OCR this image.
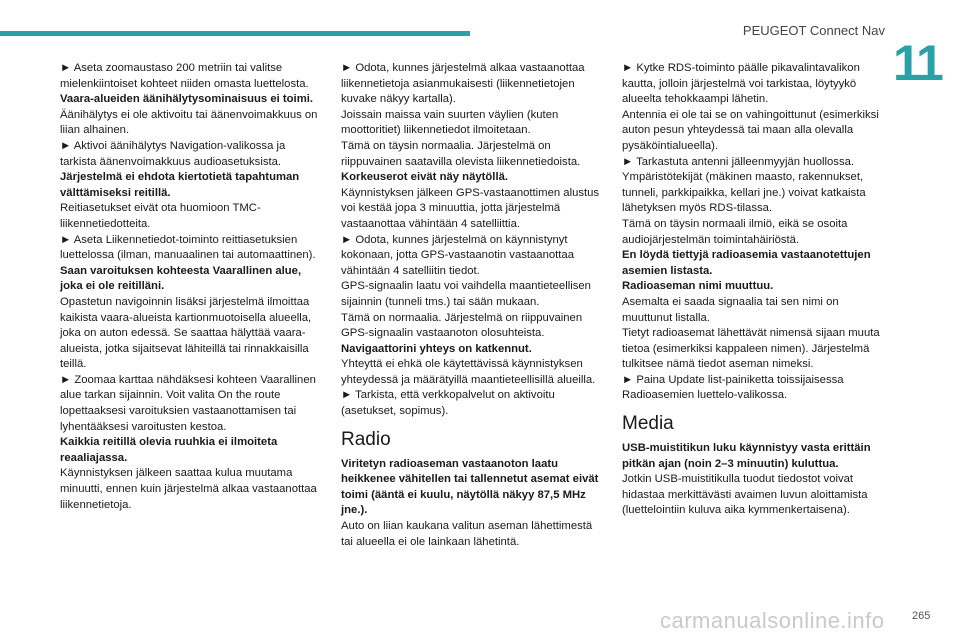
PEUGEOT Connect Nav
11

► Aseta zoomaustaso 200 metriin tai valitse mielenkiintoiset kohteet niiden omasta luettelosta.

Vaara-alueiden äänihälytysominaisuus ei toimi.

Äänihälytys ei ole aktivoitu tai äänenvoimakkuus on liian alhainen.

► Aktivoi äänihälytys Navigation-valikossa ja tarkista äänenvoimakkuus audioasetuksista.

Järjestelmä ei ehdota kiertotietä tapahtuman välttämiseksi reitillä.

Reitiasetukset eivät ota huomioon TMC-liikennetiedotteita.

► Aseta Liikennetiedot-toiminto reittiasetuksien luettelossa (ilman, manuaalinen tai automaattinen).

Saan varoituksen kohteesta Vaarallinen alue, joka ei ole reitilläni.

Opastetun navigoinnin lisäksi järjestelmä ilmoittaa kaikista vaara-alueista kartionmuotoisella alueella, joka on auton edessä. Se saattaa hälyttää vaara-alueista, jotka sijaitsevat lähiteillä tai rinnakkaisilla teillä.

► Zoomaa karttaa nähdäksesi kohteen Vaarallinen alue tarkan sijainnin. Voit valita On the route lopettaaksesi varoituksien vastaanottamisen tai lyhentääksesi varoitusten kestoa.

Kaikkia reitillä olevia ruuhkia ei ilmoiteta reaaliajassa.

Käynnistyksen jälkeen saattaa kulua muutama minuutti, ennen kuin järjestelmä alkaa vastaanottaa liikennetietoja.

► Odota, kunnes järjestelmä alkaa vastaanottaa liikennetietoja asianmukaisesti (liikennetietojen kuvake näkyy kartalla).

Joissain maissa vain suurten väylien (kuten moottoritiet) liikennetiedot ilmoitetaan.

Tämä on täysin normaalia. Järjestelmä on riippuvainen saatavilla olevista liikennetiedoista.

Korkeuserot eivät näy näytöllä.

Käynnistyksen jälkeen GPS-vastaanottimen alustus voi kestää jopa 3 minuuttia, jotta järjestelmä vastaanottaa vähintään 4 satelliittia.

► Odota, kunnes järjestelmä on käynnistynyt kokonaan, jotta GPS-vastaanotin vastaanottaa vähintään 4 satelliitin tiedot.

GPS-signaalin laatu voi vaihdella maantieteellisen sijainnin (tunneli tms.) tai sään mukaan.

Tämä on normaalia. Järjestelmä on riippuvainen GPS-signaalin vastaanoton olosuhteista.

Navigaattorini yhteys on katkennut.

Yhteyttä ei ehkä ole käytettävissä käynnistyksen yhteydessä ja määrätyillä maantieteellisillä alueilla.

► Tarkista, että verkkopalvelut on aktivoitu (asetukset, sopimus).

Radio

Viritetyn radioaseman vastaanoton laatu heikkenee vähitellen tai tallennetut asemat eivät toimi (ääntä ei kuulu, näytöllä näkyy 87,5 MHz jne.).

Auto on liian kaukana valitun aseman lähettimestä tai alueella ei ole lainkaan lähetintä.

► Kytke RDS-toiminto päälle pikavalintavalikon kautta, jolloin järjestelmä voi tarkistaa, löytyykö alueelta tehokkaampi lähetin.

Antennia ei ole tai se on vahingoittunut (esimerkiksi auton pesun yhteydessä tai maan alla olevalla pysäköintialueella).

► Tarkastuta antenni jälleenmyyjän huollossa.

Ympäristötekijät (mäkinen maasto, rakennukset, tunneli, parkkipaikka, kellari jne.) voivat katkaista lähetyksen myös RDS-tilassa.

Tämä on täysin normaali ilmiö, eikä se osoita audiojärjestelmän toimintahäiriöstä.

En löydä tiettyjä radioasemia vastaanotettujen asemien listasta.

Radioaseman nimi muuttuu.

Asemalta ei saada signaalia tai sen nimi on muuttunut listalla.

Tietyt radioasemat lähettävät nimensä sijaan muuta tietoa (esimerkiksi kappaleen nimen). Järjestelmä tulkitsee nämä tiedot aseman nimeksi.

► Paina Update list-painiketta toissijaisessa Radioasemien luettelo-valikossa.

Media

USB-muistitikun luku käynnistyy vasta erittäin pitkän ajan (noin 2–3 minuutin) kuluttua.

Jotkin USB-muistitikulla tuodut tiedostot voivat hidastaa merkittävästi avaimen luvun aloittamista (luettelointiin kuluva aika kymmenkertaisena).

carmanualsonline.info 265
